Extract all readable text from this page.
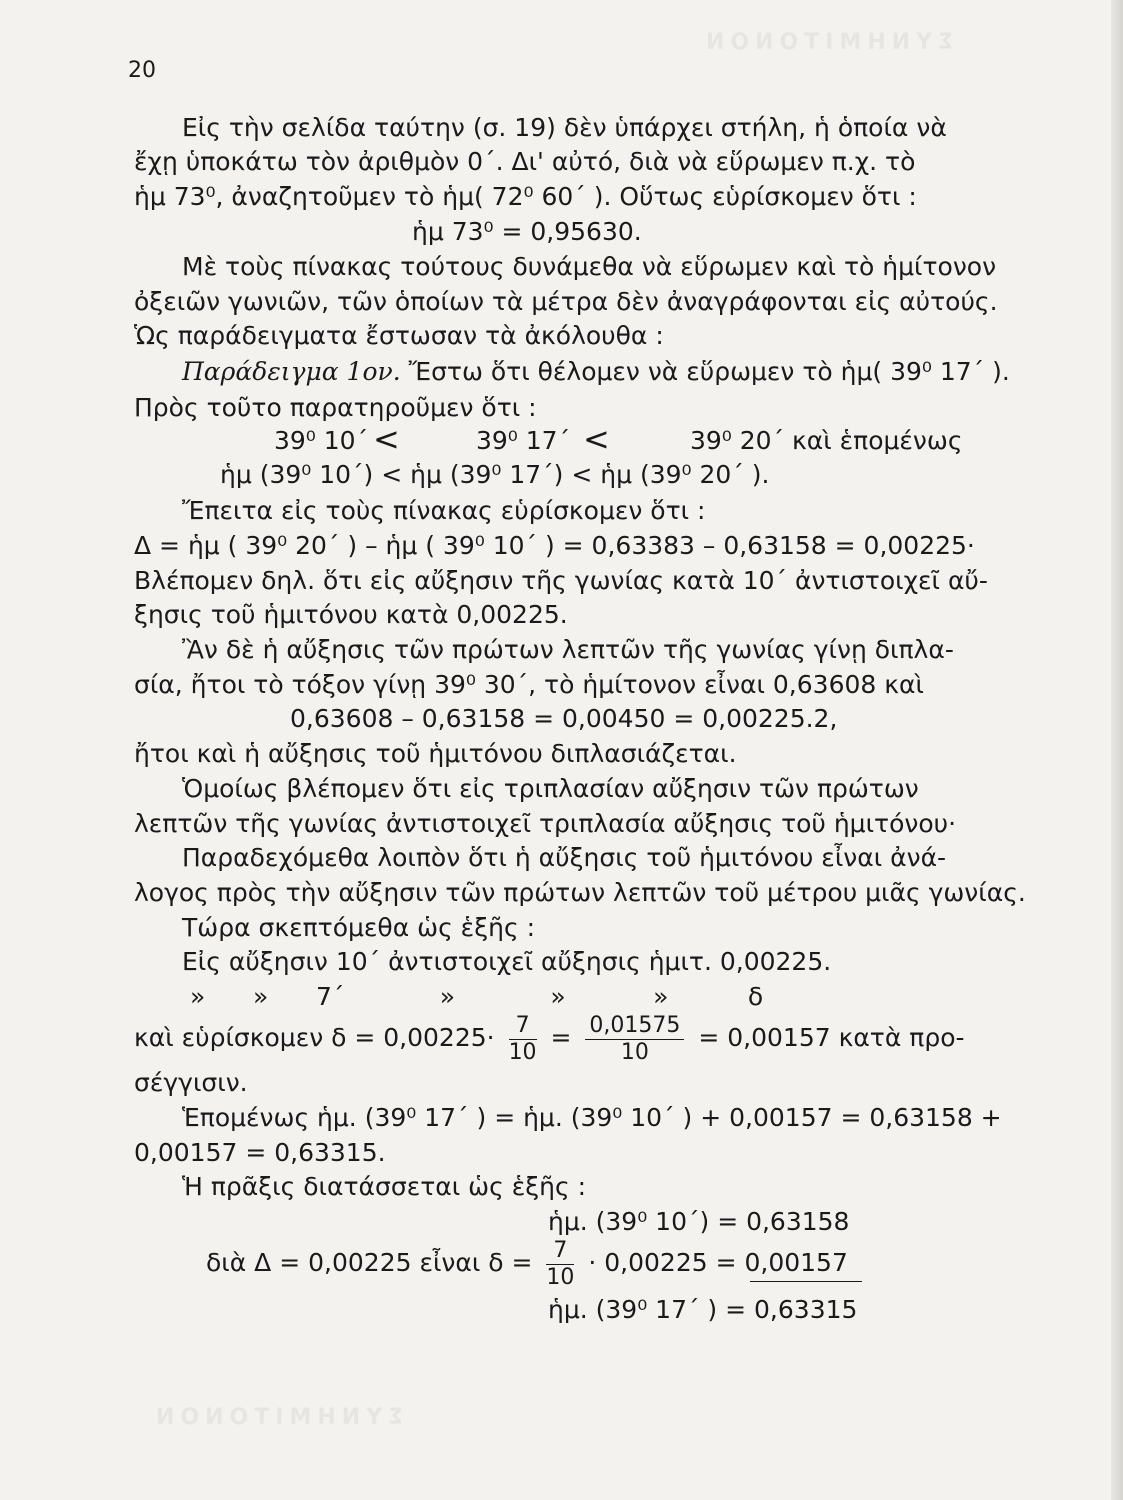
ΣΥΝΗΜΙΤΟΝΟΝ
ΣΥΝΗΜΙΤΟΝΟΝ
20
Εἰς τὴν σελίδα ταύτην (σ. 19) δὲν ὑπάρχει στήλη, ἡ ὁποία νὰ
ἔχῃ ὑποκάτω τὸν ἀριθμὸν 0΄. Δι' αὐτό, διὰ νὰ εὕρωμεν π.χ. τὸ
ἡμ 73⁰, ἀναζητοῦμεν τὸ ἡμ( 72⁰ 60΄ ). Οὕτως εὑρίσκομεν ὅτι :
ἡμ 73⁰ = 0,95630.
Μὲ τοὺς πίνακας τούτους δυνάμεθα νὰ εὕρωμεν καὶ τὸ ἡμίτονον
ὀξειῶν γωνιῶν, τῶν ὁποίων τὰ μέτρα δὲν ἀναγράφονται εἰς αὐτούς.
Ὡς παράδειγματα ἔστωσαν τὰ ἀκόλουθα :
Παράδειγμα 1ον. Ἔστω ὅτι θέλομεν νὰ εὕρωμεν τὸ ἡμ( 39⁰ 17΄ ).
Πρὸς τοῦτο παρατηροῦμεν ὅτι :
39⁰ 10΄ <	39⁰ 17΄ <	39⁰ 20΄ καὶ ἑπομένως
ἡμ (39⁰ 10΄) < ἡμ (39⁰ 17΄) < ἡμ (39⁰ 20΄ ).
Ἔπειτα εἰς τοὺς πίνακας εὑρίσκομεν ὅτι :
Δ = ἡμ ( 39⁰ 20΄ ) – ἡμ ( 39⁰ 10΄ ) = 0,63383 – 0,63158 = 0,00225·
Βλέπομεν δηλ. ὅτι εἰς αὔξησιν τῆς γωνίας κατὰ 10΄ ἀντιστοιχεῖ αὔ-
ξησις τοῦ ἡμιτόνου κατὰ 0,00225.
Ἂν δὲ ἡ αὔξησις τῶν πρώτων λεπτῶν τῆς γωνίας γίνῃ διπλα-
σία, ἤτοι τὸ τόξον γίνῃ 39⁰ 30΄, τὸ ἡμίτονον εἶναι 0,63608 καὶ
0,63608 – 0,63158 = 0,00450 = 0,00225.2,
ἤτοι καὶ ἡ αὔξησις τοῦ ἡμιτόνου διπλασιάζεται.
Ὁμοίως βλέπομεν ὅτι εἰς τριπλασίαν αὔξησιν τῶν πρώτων
λεπτῶν τῆς γωνίας ἀντιστοιχεῖ τριπλασία αὔξησις τοῦ ἡμιτόνου·
Παραδεχόμεθα λοιπὸν ὅτι ἡ αὔξησις τοῦ ἡμιτόνου εἶναι ἀνά-
λογος πρὸς τὴν αὔξησιν τῶν πρώτων λεπτῶν τοῦ μέτρου μιᾶς γωνίας.
Τώρα σκεπτόμεθα ὡς ἑξῆς :
Εἰς αὔξησιν 10΄ ἀντιστοιχεῖ αὔξησις ἡμιτ. 0,00225.
»      »      7΄            »            »           »          δ
καὶ εὑρίσκομεν $\delta = 0,00225\cdot \frac{7}{10} = \frac{0,01575}{10} = 0,00157$ κατὰ προ-
σέγγισιν.
Ἑπομένως ἡμ. (39⁰ 17΄ ) = ἡμ. (39⁰ 10΄ ) + 0,00157 = 0,63158 +
0,00157 = 0,63315.
Ἡ πρᾶξις διατάσσεται ὡς ἑξῆς :
ἡμ. (39⁰ 10΄) = 0,63158
διὰ Δ = 0,00225 εἶναι $\delta = \frac{7}{10} \cdot 0,00225 = 0,00157$
ἡμ. (39⁰ 17΄ ) = 0,63315
